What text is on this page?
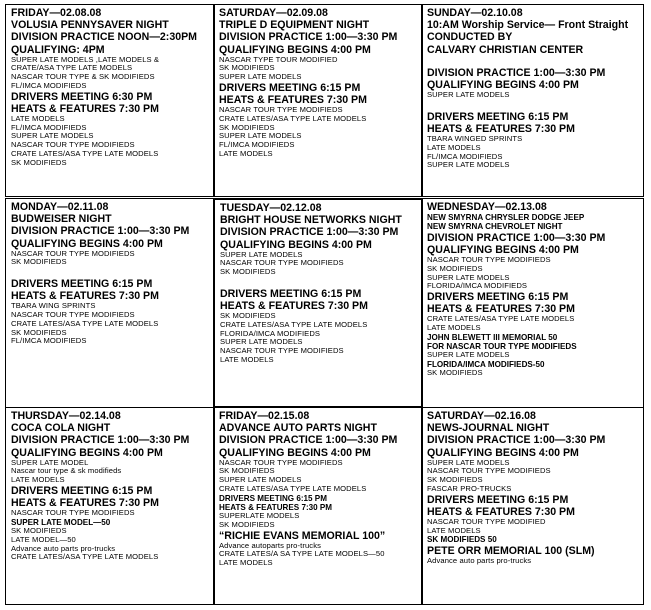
FRIDAY—02.08.08
VOLUSIA PENNYSAVER NIGHT
DIVISION PRACTICE NOON—2:30PM
QUALIFYING: 4PM
SUPER LATE MODELS ,LATE MODELS &
CRATE/ASA TYPE LATE MODELS
NASCAR TOUR TYPE & SK MODIFIEDS
FL/IMCA MODIFIEDS
DRIVERS MEETING 6:30 PM
HEATS & FEATURES 7:30 PM
LATE MODELS
FL/IMCA MODIFIEDS
SUPER LATE MODELS
NASCAR TOUR TYPE MODIFIEDS
CRATE LATES/ASA TYPE LATE MODELS
SK MODIFIEDS
SATURDAY—02.09.08
TRIPLE D EQUIPMENT NIGHT
DIVISION PRACTICE 1:00—3:30 PM
QUALIFYING BEGINS 4:00 PM
NASCAR TYPE TOUR MODIFIED
SK MODIFIEDS
SUPER LATE MODELS
DRIVERS MEETING 6:15 PM
HEATS & FEATURES 7:30 PM
NASCAR TOUR TYPE MODIFIEDS
CRATE LATES/ASA TYPE LATE MODELS
SK MODIFIEDS
SUPER LATE MODELS
FL/IMCA MODIFIEDS
LATE MODELS
SUNDAY—02.10.08
10:AM Worship Service— Front Straight
CONDUCTED BY
CALVARY CHRISTIAN CENTER
DIVISION PRACTICE 1:00—3:30 PM
QUALIFYING BEGINS 4:00 PM
SUPER LATE MODELS
DRIVERS MEETING 6:15 PM
HEATS & FEATURES 7:30 PM
TBARA WINGED SPRINTS
LATE MODELS
FL/IMCA MODIFIEDS
SUPER LATE MODELS
MONDAY—02.11.08
BUDWEISER NIGHT
DIVISION PRACTICE 1:00—3:30 PM
QUALIFYING BEGINS 4:00 PM
NASCAR TOUR TYPE MODIFIEDS
SK MODIFIEDS
DRIVERS MEETING 6:15 PM
HEATS & FEATURES 7:30 PM
TBARA WING SPRINTS
NASCAR TOUR TYPE MODIFIEDS
CRATE LATES/ASA TYPE LATE MODELS
SK MODIFIEDS
FL/IMCA MODIFIEDS
TUESDAY—02.12.08
BRIGHT HOUSE NETWORKS NIGHT
DIVISION PRACTICE 1:00—3:30 PM
QUALIFYING BEGINS 4:00 PM
SUPER LATE MODELS
NASCAR TOUR TYPE MODIFIEDS
SK MODIFIEDS
DRIVERS MEETING 6:15 PM
HEATS & FEATURES 7:30 PM
SK MODIFIEDS
CRATE LATES/ASA TYPE LATE MODELS
FLORIDA/IMCA MODIFIEDS
SUPER LATE MODELS
NASCAR TOUR TYPE MODIFIEDS
LATE MODELS
WEDNESDAY—02.13.08
NEW SMYRNA CHRYSLER DODGE JEEP
NEW SMYRNA CHEVROLET NIGHT
DIVISION PRACTICE 1:00—3:30 PM
QUALIFYING BEGINS 4:00 PM
NASCAR TOUR TYPE MODIFIEDS
SK MODIFIEDS
SUPER LATE MODELS
FLORIDA/IMCA MODIFIEDS
DRIVERS MEETING 6:15 PM
HEATS & FEATURES 7:30 PM
CRATE LATES/ASA TYPE LATE MODELS
LATE MODELS
JOHN BLEWETT III MEMORIAL 50
FOR NASCAR TOUR TYPE MODIFIEDS
SUPER LATE MODELS
FLORIDA/IMCA MODIFIEDS-50
SK MODIFIEDS
THURSDAY—02.14.08
COCA COLA NIGHT
DIVISION PRACTICE 1:00—3:30 PM
QUALIFYING BEGINS 4:00 PM
SUPER LATE MODEL
Nascar tour type & sk modifieds
LATE MODELS
DRIVERS MEETING 6:15 PM
HEATS & FEATURES 7:30 PM
NASCAR TOUR TYPE MODIFIEDS
SUPER LATE MODEL—50
SK MODIFIEDS
LATE MODEL—50
Advance auto parts pro-trucks
CRATE LATES/ASA TYPE LATE MODELS
FRIDAY—02.15.08
ADVANCE AUTO PARTS NIGHT
DIVISION PRACTICE 1:00—3:30 PM
QUALIFYING BEGINS 4:00 PM
NASCAR TOUR TYPE MODIFIEDS
SK MODIFIEDS
SUPER LATE MODELS
CRATE LATES/ASA TYPE LATE MODELS
DRIVERS MEETING 6:15 PM
HEATS & FEATURES 7:30 PM
SUPERLATE MODELS
SK MODIFIEDS
“RICHIE EVANS MEMORIAL 100”
Advance autoparts pro-trucks
CRATE LATES/A SA TYPE LATE MODELS—50
LATE MODELS
SATURDAY—02.16.08
NEWS-JOURNAL NIGHT
DIVISION PRACTICE 1:00—3:30 PM
QUALIFYING BEGINS 4:00 PM
SUPER LATE MODELS
NASCAR TOUR TYPE MODIFIEDS
SK MODIFIEDS
FASCAR PRO-TRUCKS
DRIVERS MEETING 6:15 PM
HEATS & FEATURES 7:30 PM
NASCAR TOUR TYPE MODIFIED
LATE MODELS
SK MODIFIEDS 50
PETE ORR MEMORIAL 100 (SLM)
Advance auto parts pro-trucks
